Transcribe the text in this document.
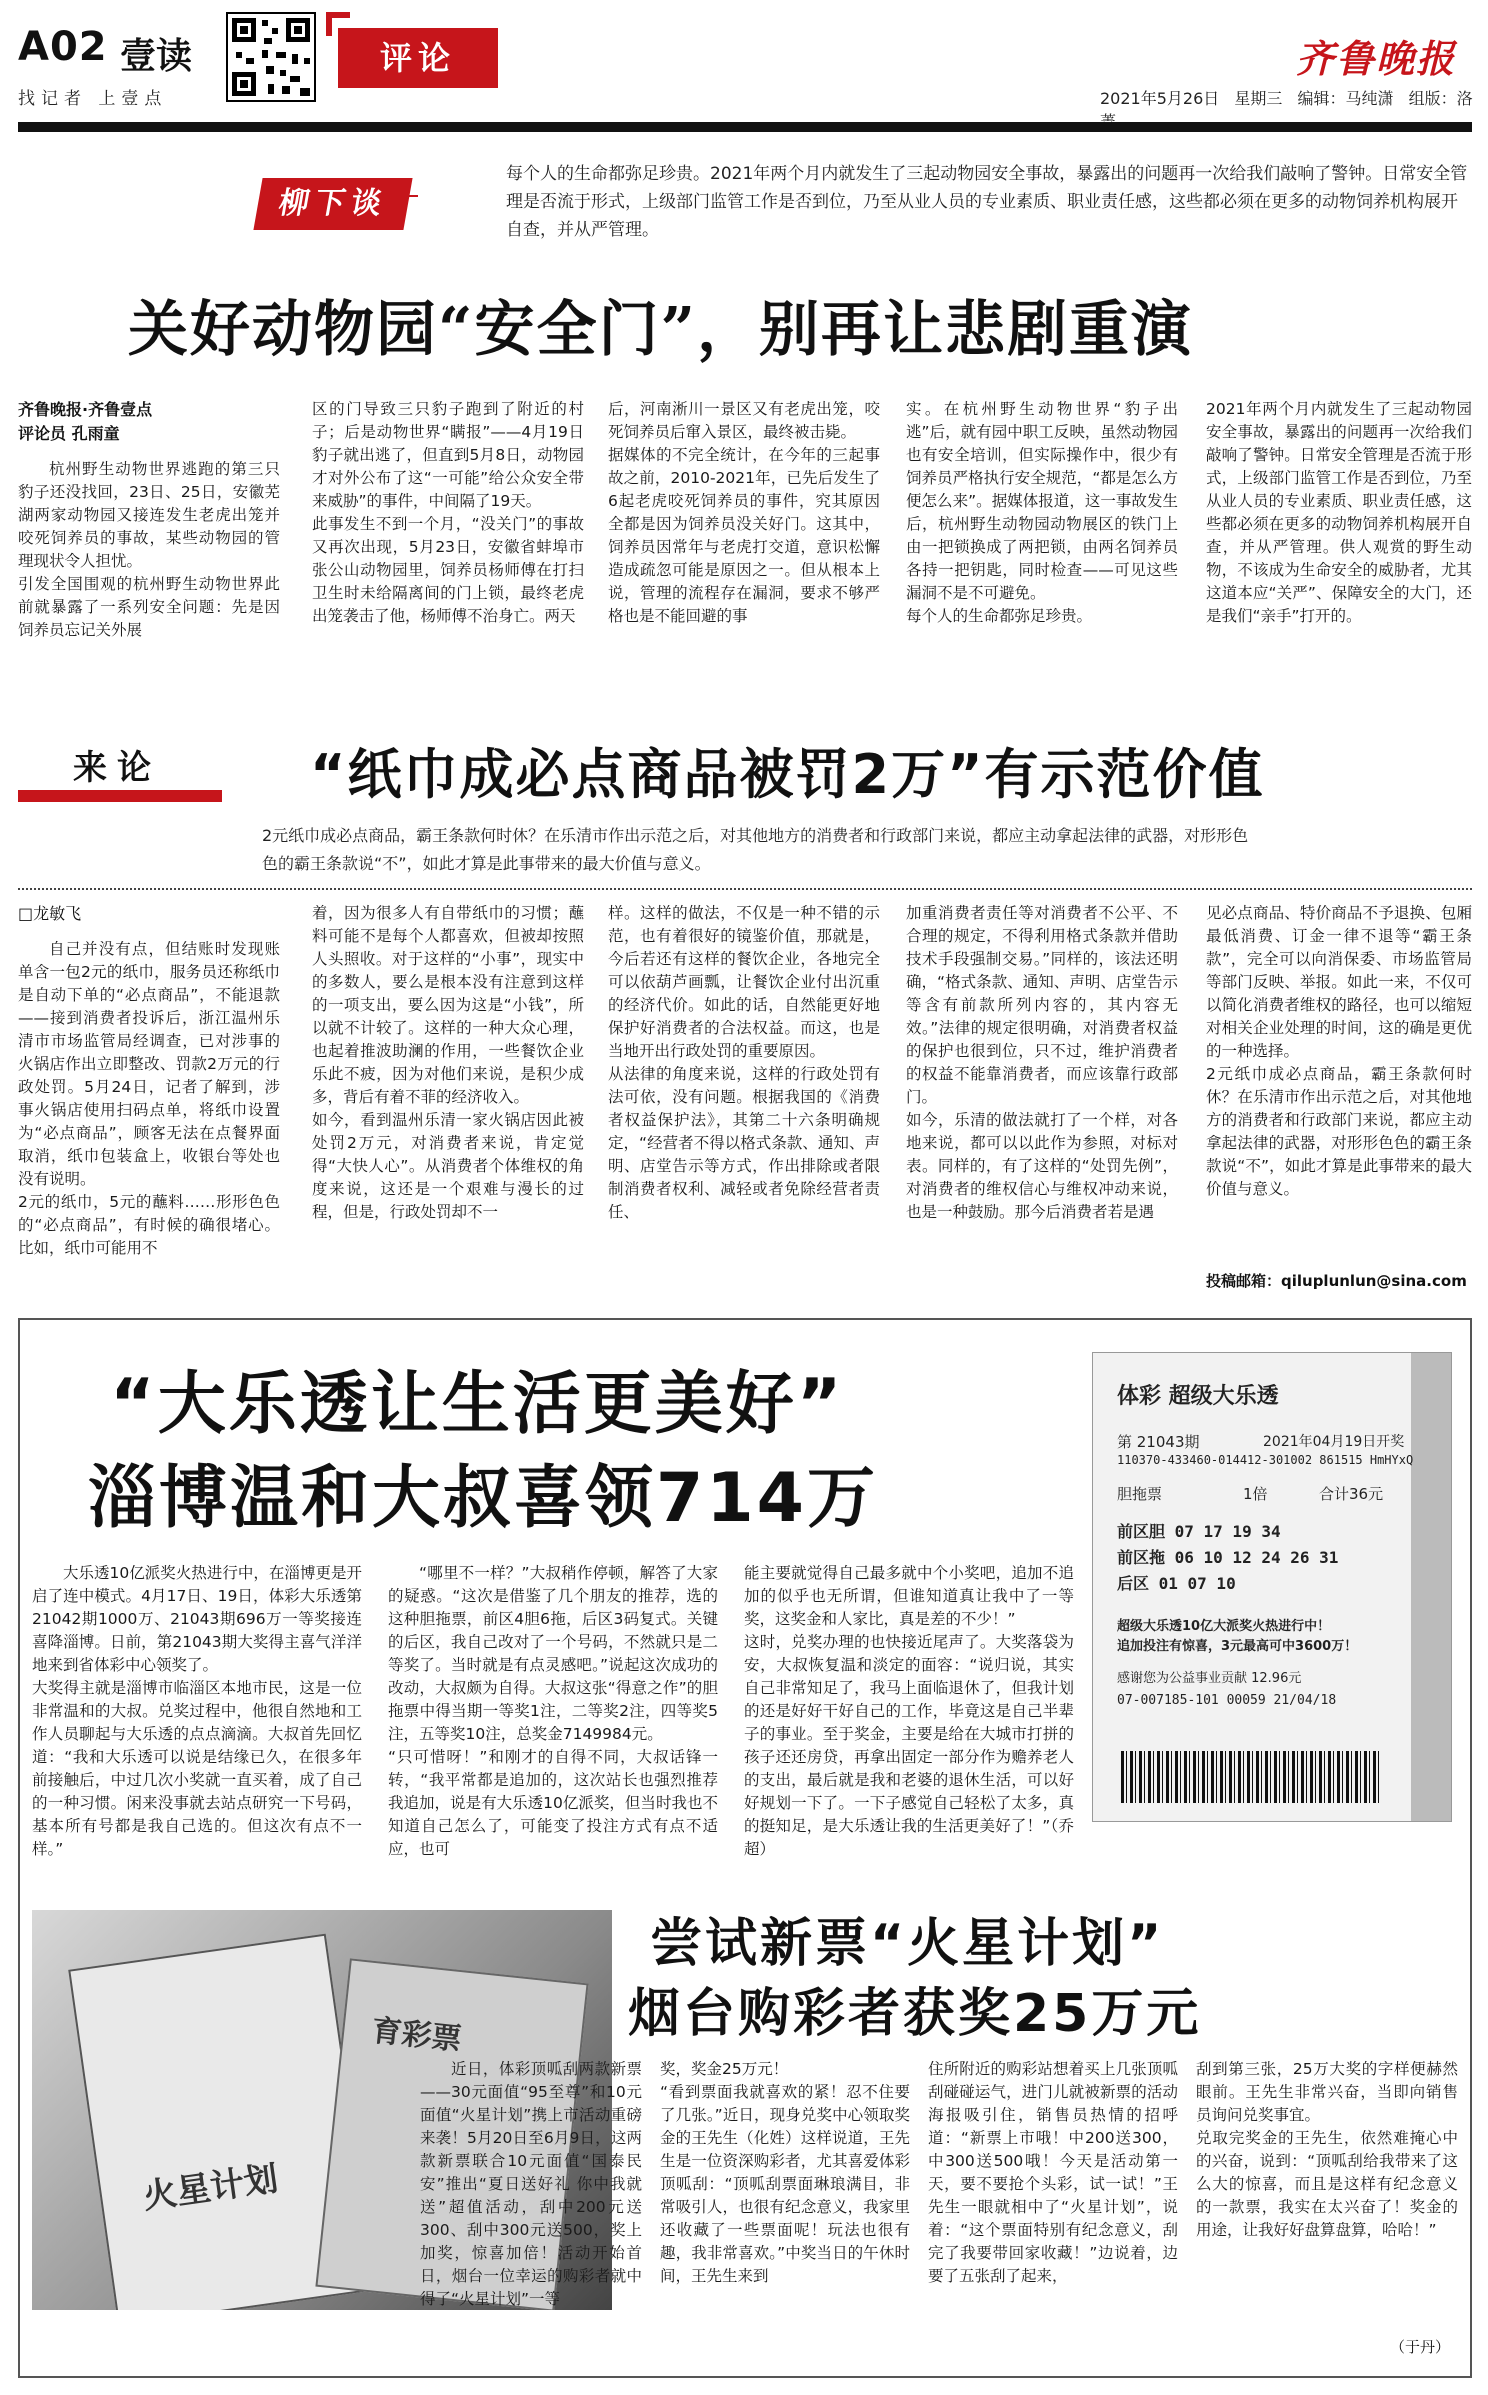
A02 壹读
找记者 上壹点
评论	齐鲁晚报
2021年5月26日 星期三 编辑：马纯潇 组版：洛
柳下谈
每个人的生命都弥足珍贵。2021年两个月内就发生了三起动物园安全事故，暴露出的问题再一次给我们敲响了警钟。日常安全管理是否流于形式，上级部门监管工作是否到位，乃至从业人员的专业素质、职业责任感，这些都必须在更多的动物饲养机构展开自查，并从严管理。
关好动物园“安全门”，别再让悲剧重演
齐鲁晚报·齐鲁壹点
评论员 孔雨童

杭州野生动物世界逃跑的第三只豹子还没找回，23日、25日，安徽芜湖两家动物园又接连发生老虎出笼并咬死饲养员的事故，某些动物园的管理现状令人担忧。
引发全国围观的杭州野生动物世界此前就暴露了一系列安全问题：先是因饲养员忘记关外展

区的门导致三只豹子跑到了附近的村子；后是动物世界“瞒报”——4月19日豹子就出逃了，但直到5月8日，动物园才对外公布了这“一可能”给公众安全带来威胁”的事件，中间隔了19天。
此事发生不到一个月，“没关门”的事故又再次出现，5月23日，安徽省蚌埠市张公山动物园里，饲养员杨师傅在打扫卫生时未给隔离间的门上锁，最终老虎出笼袭击了他，杨师傅不治身亡。两天

后，河南淅川一景区又有老虎出笼，咬死饲养员后窜入景区，最终被击毙。
据媒体的不完全统计，在今年的三起事故之前，2010-2021年，已先后发生了6起老虎咬死饲养员的事件，究其原因全都是因为饲养员没关好门。这其中，饲养员因常年与老虎打交道，意识松懈造成疏忽可能是原因之一。但从根本上说，管理的流程存在漏洞，要求不够严格也是不能回避的事

实。在杭州野生动物世界“豹子出逃”后，就有园中职工反映，虽然动物园也有安全培训，但实际操作中，很少有饲养员严格执行安全规范，“都是怎么方便怎么来”。据媒体报道，这一事故发生后，杭州野生动物园动物展区的铁门上由一把锁换成了两把锁，由两名饲养员各持一把钥匙，同时检查——可见这些漏洞不是不可避免。
每个人的生命都弥足珍贵。

2021年两个月内就发生了三起动物园安全事故，暴露出的问题再一次给我们敲响了警钟。日常安全管理是否流于形式，上级部门监管工作是否到位，乃至从业人员的专业素质、职业责任感，这些都必须在更多的动物饲养机构展开自查，并从严管理。供人观赏的野生动物，不该成为生命安全的威胁者，尤其这道本应“关严”、保障安全的大门，还是我们“亲手”打开的。

来论	“纸巾成必点商品被罚2万”有示范价值
2元纸巾成必点商品，霸王条款何时休？在乐清市作出示范之后，对其他地方的消费者和行政部门来说，都应主动拿起法律的武器，对形形色色的霸王条款说“不”，如此才算是此事带来的最大价值与意义。
□龙敏飞

自己并没有点，但结账时发现账单含一包2元的纸巾，服务员还称纸巾是自动下单的“必点商品”，不能退款——接到消费者投诉后，浙江温州乐清市市场监管局经调查，已对涉事的火锅店作出立即整改、罚款2万元的行政处罚。5月24日，记者了解到，涉事火锅店使用扫码点单，将纸巾设置为“必点商品”，顾客无法在点餐界面取消，纸巾包装盒上，收银台等处也没有说明。
2元的纸巾，5元的蘸料……形形色色的“必点商品”，有时候的确很堵心。比如，纸巾可能用不

着，因为很多人有自带纸巾的习惯；蘸料可能不是每个人都喜欢，但被却按照人头照收。对于这样的“小事”，现实中的多数人，要么是根本没有注意到这样的一项支出，要么因为这是“小钱”，所以就不计较了。这样的一种大众心理，也起着推波助澜的作用，一些餐饮企业乐此不疲，因为对他们来说，是积少成多，背后有着不菲的经济收入。
如今，看到温州乐清一家火锅店因此被处罚2万元，对消费者来说，肯定觉得“大快人心”。从消费者个体维权的角度来说，这还是一个艰难与漫长的过程，但是，行政处罚却不一

样。这样的做法，不仅是一种不错的示范，也有着很好的镜鉴价值，那就是，今后若还有这样的餐饮企业，各地完全可以依葫芦画瓢，让餐饮企业付出沉重的经济代价。如此的话，自然能更好地保护好消费者的合法权益。而这，也是当地开出行政处罚的重要原因。
从法律的角度来说，这样的行政处罚有法可依，没有问题。根据我国的《消费者权益保护法》，其第二十六条明确规定，“经营者不得以格式条款、通知、声明、店堂告示等方式，作出排除或者限制消费者权利、减轻或者免除经营者责任、

加重消费者责任等对消费者不公平、不合理的规定，不得利用格式条款并借助技术手段强制交易。”同样的，该法还明确，“格式条款、通知、声明、店堂告示等含有前款所列内容的，其内容无效。”法律的规定很明确，对消费者权益的保护也很到位，只不过，维护消费者的权益不能靠消费者，而应该靠行政部门。
如今，乐清的做法就打了一个样，对各地来说，都可以以此作为参照，对标对表。同样的，有了这样的“处罚先例”，对消费者的维权信心与维权冲动来说，也是一种鼓励。那今后消费者若是遇

见必点商品、特价商品不予退换、包厢最低消费、订金一律不退等“霸王条款”，完全可以向消保委、市场监管局等部门反映、举报。如此一来，不仅可以简化消费者维权的路径，也可以缩短对相关企业处理的时间，这的确是更优的一种选择。
2元纸巾成必点商品，霸王条款何时休？在乐清市作出示范之后，对其他地方的消费者和行政部门来说，都应主动拿起法律的武器，对形形色色的霸王条款说“不”，如此才算是此事带来的最大价值与意义。

投稿邮箱：qiluplunlun@sina.com
“大乐透让生活更美好”
淄博温和大叔喜领714万
体彩 超级大乐透
2021年04月19日开奖
第 21043期
110370-433460-014412-301002 861515 HmHYxQ
胆拖票	1倍	合计36元
前区胆 07 17 19 34
前区拖 06 10 12 24 26 31
后区 01 07 10
超级大乐透10亿大派奖火热进行中！
追加投注有惊喜，3元最高可中3600万！
感谢您为公益事业贡献 12.96元
07-007185-101 00059 21/04/18

大乐透10亿派奖火热进行中，在淄博更是开启了连中模式。4月17日、19日，体彩大乐透第21042期1000万、21043期696万一等奖接连喜降淄博。日前，第21043期大奖得主喜气洋洋地来到省体彩中心领奖了。
大奖得主就是淄博市临淄区本地市民，这是一位非常温和的大叔。兑奖过程中，他很自然地和工作人员聊起与大乐透的点点滴滴。大叔首先回忆道：“我和大乐透可以说是结缘已久，在很多年前接触后，中过几次小奖就一直买着，成了自己的一种习惯。闲来没事就去站点研究一下号码，基本所有号都是我自己选的。但这次有点不一样。”

“哪里不一样？”大叔稍作停顿，解答了大家的疑惑。“这次是借鉴了几个朋友的推荐，选的这种胆拖票，前区4胆6拖，后区3码复式。关键的后区，我自己改对了一个号码，不然就只是二等奖了。当时就是有点灵感吧。”说起这次成功的改动，大叔颇为自得。大叔这张“得意之作”的胆拖票中得当期一等奖1注，二等奖2注，四等奖5注，五等奖10注，总奖金7149984元。
“只可惜呀！”和刚才的自得不同，大叔话锋一转，“我平常都是追加的，这次站长也强烈推荐我追加，说是有大乐透10亿派奖，但当时我也不知道自己怎么了，可能变了投注方式有点不适应，也可

能主要就觉得自己最多就中个小奖吧，追加不追加的似乎也无所谓，但谁知道真让我中了一等奖，这奖金和人家比，真是差的不少！”
这时，兑奖办理的也快接近尾声了。大奖落袋为安，大叔恢复温和淡定的面容：“说归说，其实自己非常知足了，我马上面临退休了，但我计划的还是好好干好自己的工作，毕竟这是自己半辈子的事业。至于奖金，主要是给在大城市打拼的孩子还还房贷，再拿出固定一部分作为赡养老人的支出，最后就是我和老婆的退休生活，可以好好规划一下了。一下子感觉自己轻松了太多，真的挺知足，是大乐透让我的生活更美好了！”（乔超）

火星计划
育彩票
尝试新票“火星计划”
烟台购彩者获奖25万元

近日，体彩顶呱刮两款新票——30元面值“95至尊”和10元面值“火星计划”携上市活动重磅来袭！5月20日至6月9日，这两款新票联合10元面值“国泰民安”推出“夏日送好礼 你中我就送”超值活动，刮中200元送300、刮中300元送500，奖上加奖，惊喜加倍！活动开始首日，烟台一位幸运的购彩者就中得了“火星计划”一等

奖，奖金25万元！
“看到票面我就喜欢的紧！忍不住要了几张。”近日，现身兑奖中心领取奖金的王先生（化姓）这样说道，王先生是一位资深购彩者，尤其喜爱体彩顶呱刮：“顶呱刮票面琳琅满目，非常吸引人，也很有纪念意义，我家里还收藏了一些票面呢！玩法也很有趣，我非常喜欢。”中奖当日的午休时间，王先生来到

住所附近的购彩站想着买上几张顶呱刮碰碰运气，进门儿就被新票的活动海报吸引住，销售员热情的招呼道：“新票上市哦！中200送300，中300送500哦！今天是活动第一天，要不要抢个头彩，试一试！”王先生一眼就相中了“火星计划”，说着：“这个票面特别有纪念意义，刮完了我要带回家收藏！”边说着，边要了五张刮了起来，

刮到第三张，25万大奖的字样便赫然眼前。王先生非常兴奋，当即向销售员询问兑奖事宜。
兑取完奖金的王先生，依然难掩心中的兴奋，说到：“顶呱刮给我带来了这么大的惊喜，而且是这样有纪念意义的一款票，我实在太兴奋了！奖金的用途，让我好好盘算盘算，哈哈！”

（于丹）
